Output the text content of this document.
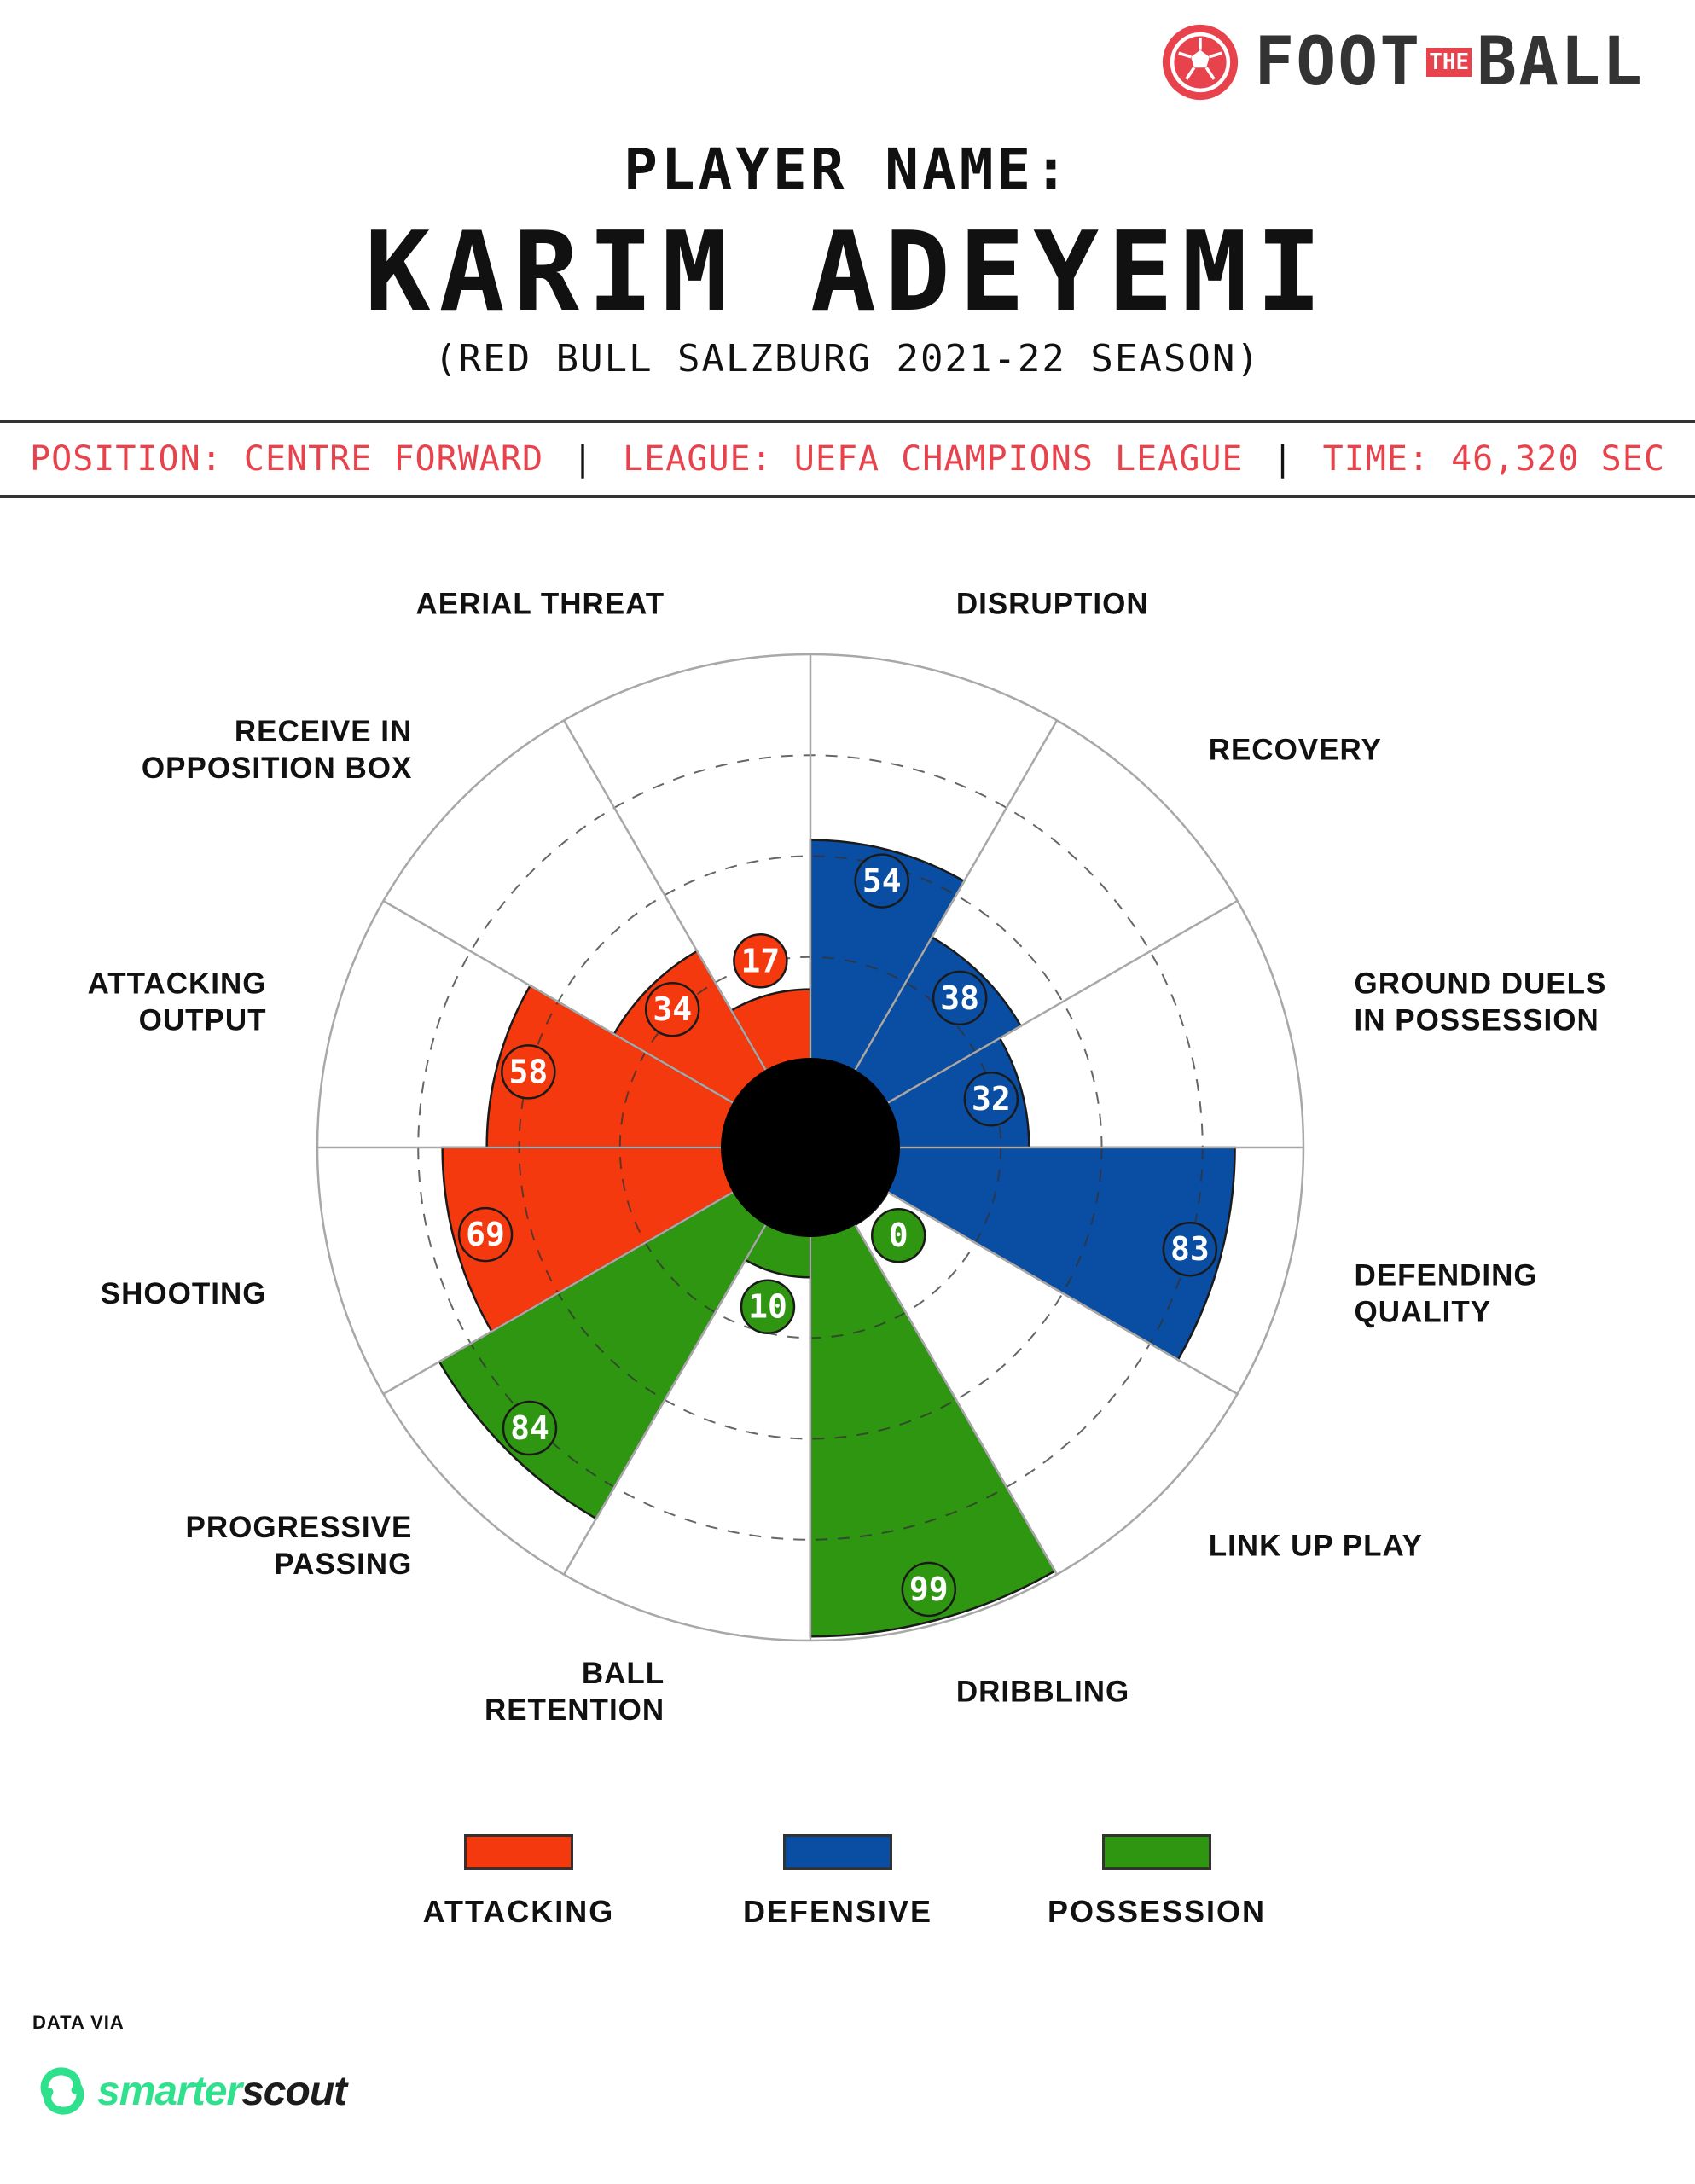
FOOT THE BALL
PLAYER NAME:
KARIM ADEYEMI
(RED BULL SALZBURG 2021-22 SEASON)
POSITION: CENTRE FORWARD | LEAGUE: UEFA CHAMPIONS LEAGUE | TIME: 46,320 SEC
54
DISRUPTION
38
RECOVERY
32
GROUND DUELS IN POSSESSION
83
DEFENDING QUALITY
0
LINK UP PLAY
99
DRIBBLING
10
BALL RETENTION
84
PROGRESSIVE PASSING
69
SHOOTING
58
ATTACKING OUTPUT	34
RECEIVE IN OPPOSITION BOX
17
AERIAL THREAT
ATTACKING	DEFENSIVE	POSSESSION
DATA VIA
smarterscout
